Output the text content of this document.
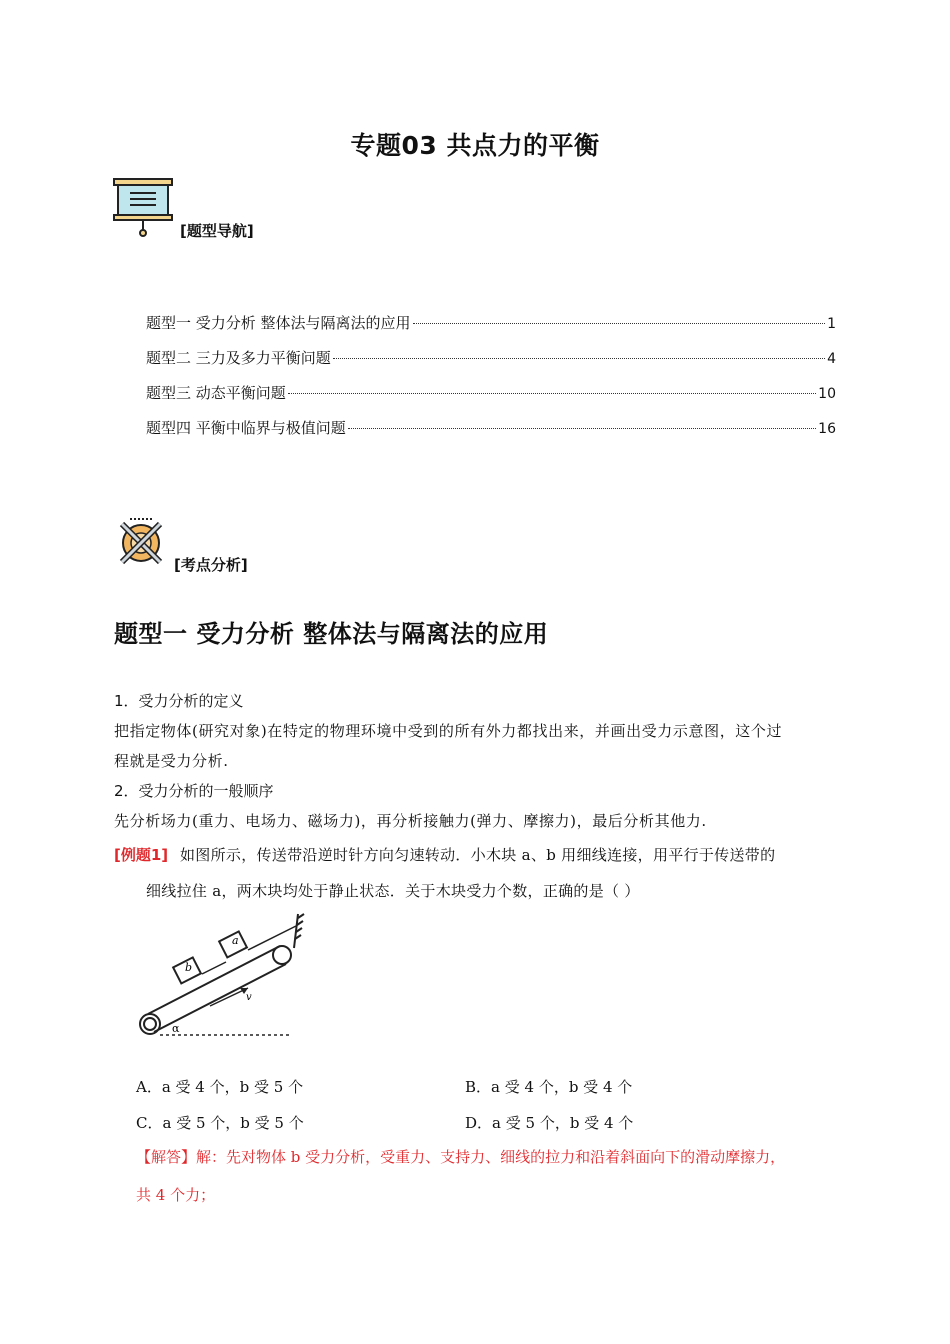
专题03 共点力的平衡
[题型导航]
题型一 受力分析 整体法与隔离法的应用	1
题型二 三力及多力平衡问题	4
题型三 动态平衡问题	10
题型四 平衡中临界与极值问题	16
[考点分析]
题型一 受力分析 整体法与隔离法的应用
1．受力分析的定义
把指定物体(研究对象)在特定的物理环境中受到的所有外力都找出来，并画出受力示意图，这个过
程就是受力分析.
2．受力分析的一般顺序
先分析场力(重力、电场力、磁场力)，再分析接触力(弹力、摩擦力)，最后分析其他力.
[例题1] 如图所示，传送带沿逆时针方向匀速转动．小木块 a、b 用细线连接，用平行于传送带的
细线拉住 a，两木块均处于静止状态．关于木块受力个数，正确的是（ ）
a
b
v
α
A．a 受 4 个，b 受 5 个	B．a 受 4 个，b 受 4 个
C．a 受 5 个，b 受 5 个	D．a 受 5 个，b 受 4 个
【解答】解：先对物体 b 受力分析，受重力、支持力、细线的拉力和沿着斜面向下的滑动摩擦力，
共 4 个力；
